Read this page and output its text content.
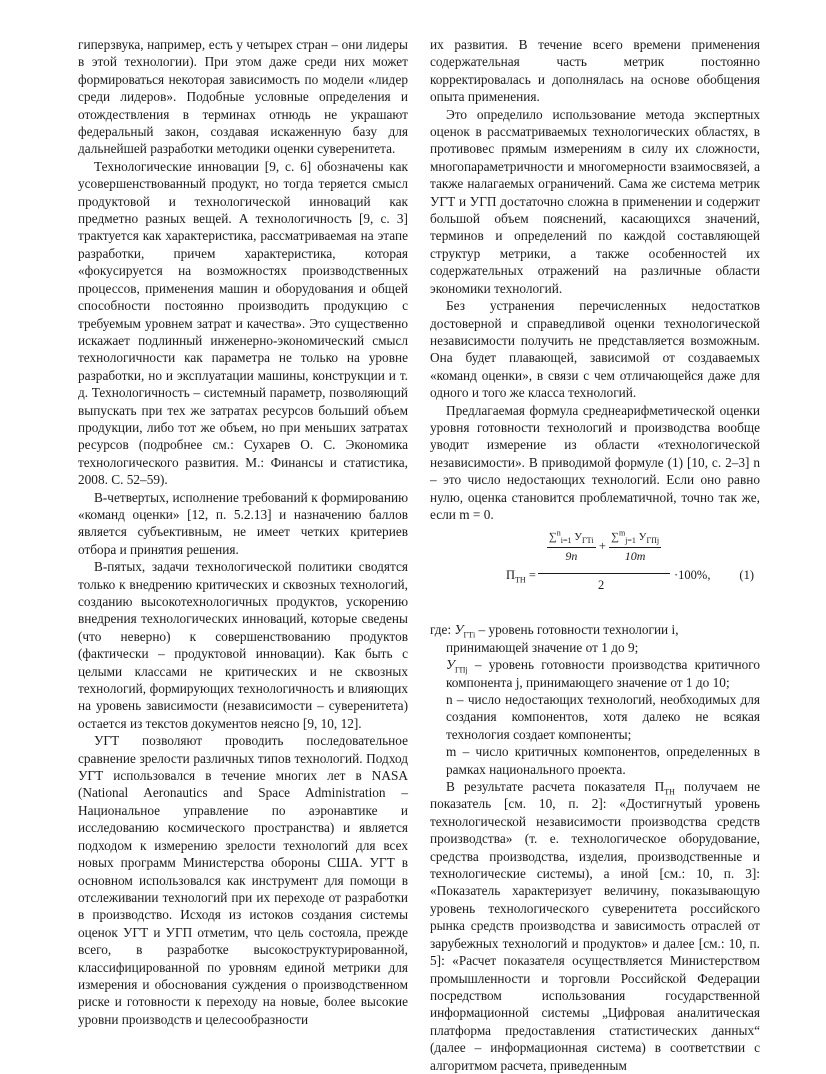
гиперзвука, например, есть у четырех стран – они лидеры в этой технологии). При этом даже среди них может формироваться некоторая зависимость по модели «лидер среди лидеров». Подобные условные определения и отождествления в терминах отнюдь не украшают федеральный закон, создавая искаженную базу для дальнейшей разработки методики оценки суверенитета.

Технологические инновации [9, с. 6] обозначены как усовершенствованный продукт, но тогда теряется смысл продуктовой и технологической инноваций как предметно разных вещей. А технологичность [9, с. 3] трактуется как характеристика, рассматриваемая на этапе разработки, причем характеристика, которая «фокусируется на возможностях производственных процессов, применения машин и оборудования и общей способности постоянно производить продукцию с требуемым уровнем затрат и качества». Это существенно искажает подлинный инженерно-экономический смысл технологичности как параметра не только на уровне разработки, но и эксплуатации машины, конструкции и т. д. Технологичность – системный параметр, позволяющий выпускать при тех же затратах ресурсов больший объем продукции, либо тот же объем, но при меньших затратах ресурсов (подробнее см.: Сухарев О. С. Экономика технологического развития. М.: Финансы и статистика, 2008. С. 52–59).

В-четвертых, исполнение требований к формированию «команд оценки» [12, п. 5.2.13] и назначению баллов является субъективным, не имеет четких критериев отбора и принятия решения.

В-пятых, задачи технологической политики сводятся только к внедрению критических и сквозных технологий, созданию высокотехнологичных продуктов, ускорению внедрения технологических инноваций, которые сведены (что неверно) к совершенствованию продуктов (фактически – продуктовой инновации). Как быть с целыми классами не критических и не сквозных технологий, формирующих технологичность и влияющих на уровень зависимости (независимости – суверенитета) остается из текстов документов неясно [9, 10, 12].

УГТ позволяют проводить последовательное сравнение зрелости различных типов технологий. Подход УГТ использовался в течение многих лет в NASA (National Aeronautics and Space Administration – Национальное управление по аэронавтике и исследованию космического пространства) и является подходом к измерению зрелости технологий для всех новых программ Министерства обороны США. УГТ в основном использовался как инструмент для помощи в отслеживании технологий при их переходе от разработки в производство. Исходя из истоков создания системы оценок УГТ и УГП отметим, что цель состояла, прежде всего, в разработке высокоструктурированной, классифицированной по уровням единой метрики для измерения и обоснования суждения о производственном риске и готовности к переходу на новые, более высокие уровни производств и целесообразности

их развития. В течение всего времени применения содержательная часть метрик постоянно корректировалась и дополнялась на основе обобщения опыта применения.

Это определило использование метода экспертных оценок в рассматриваемых технологических областях, в противовес прямым измерениям в силу их сложности, многопараметричности и многомерности взаимосвязей, а также налагаемых ограничений. Сама же система метрик УГТ и УГП достаточно сложна в применении и содержит большой объем пояснений, касающихся значений, терминов и определений по каждой составляющей структур метрики, а также особенностей их содержательных отражений на различные области экономики технологий.

Без устранения перечисленных недостатков достоверной и справедливой оценки технологической независимости получить не представляется возможным. Она будет плавающей, зависимой от создаваемых «команд оценки», в связи с чем отличающейся даже для одного и того же класса технологий.

Предлагаемая формула среднеарифметической оценки уровня готовности технологий и производства вообще уводит измерение из области «технологической независимости». В приводимой формуле (1) [10, с. 2–3] n – это число недостающих технологий. Если оно равно нулю, оценка становится проблематичной, точно так же, если m = 0.

$П_{ТН}$ =
∑$^n_{i=1}$ $У_{ГТi}$
9n
+
∑$^m_{j=1}$ $У_{ГПj}$
10m
2
·100%, (1)

где: $У_{ГТi}$ – уровень готовности технологии i, принимающей значение от 1 до 9;

$У_{ГПj}$ – уровень готовности производства критичного компонента j, принимающего значение от 1 до 10;

n – число недостающих технологий, необходимых для создания компонентов, хотя далеко не всякая технология создает компоненты;

m – число критичных компонентов, определенных в рамках национального проекта.

В результате расчета показателя $П_{ТН}$ получаем не показатель [см. 10, п. 2]: «Достигнутый уровень технологической независимости производства средств производства» (т. е. технологическое оборудование, средства производства, изделия, производственные и технологические системы), а иной [см.: 10, п. 3]: «Показатель характеризует величину, показывающую уровень технологического суверенитета российского рынка средств производства и зависимость отраслей от зарубежных технологий и продуктов» и далее [см.: 10, п. 5]: «Расчет показателя осуществляется Министерством промышленности и торговли Российской Федерации посредством использования государственной информационной системы „Цифровая аналитическая платформа предоставления статистических данных“ (далее – информационная система) в соответствии с алгоритмом расчета, приведенным
